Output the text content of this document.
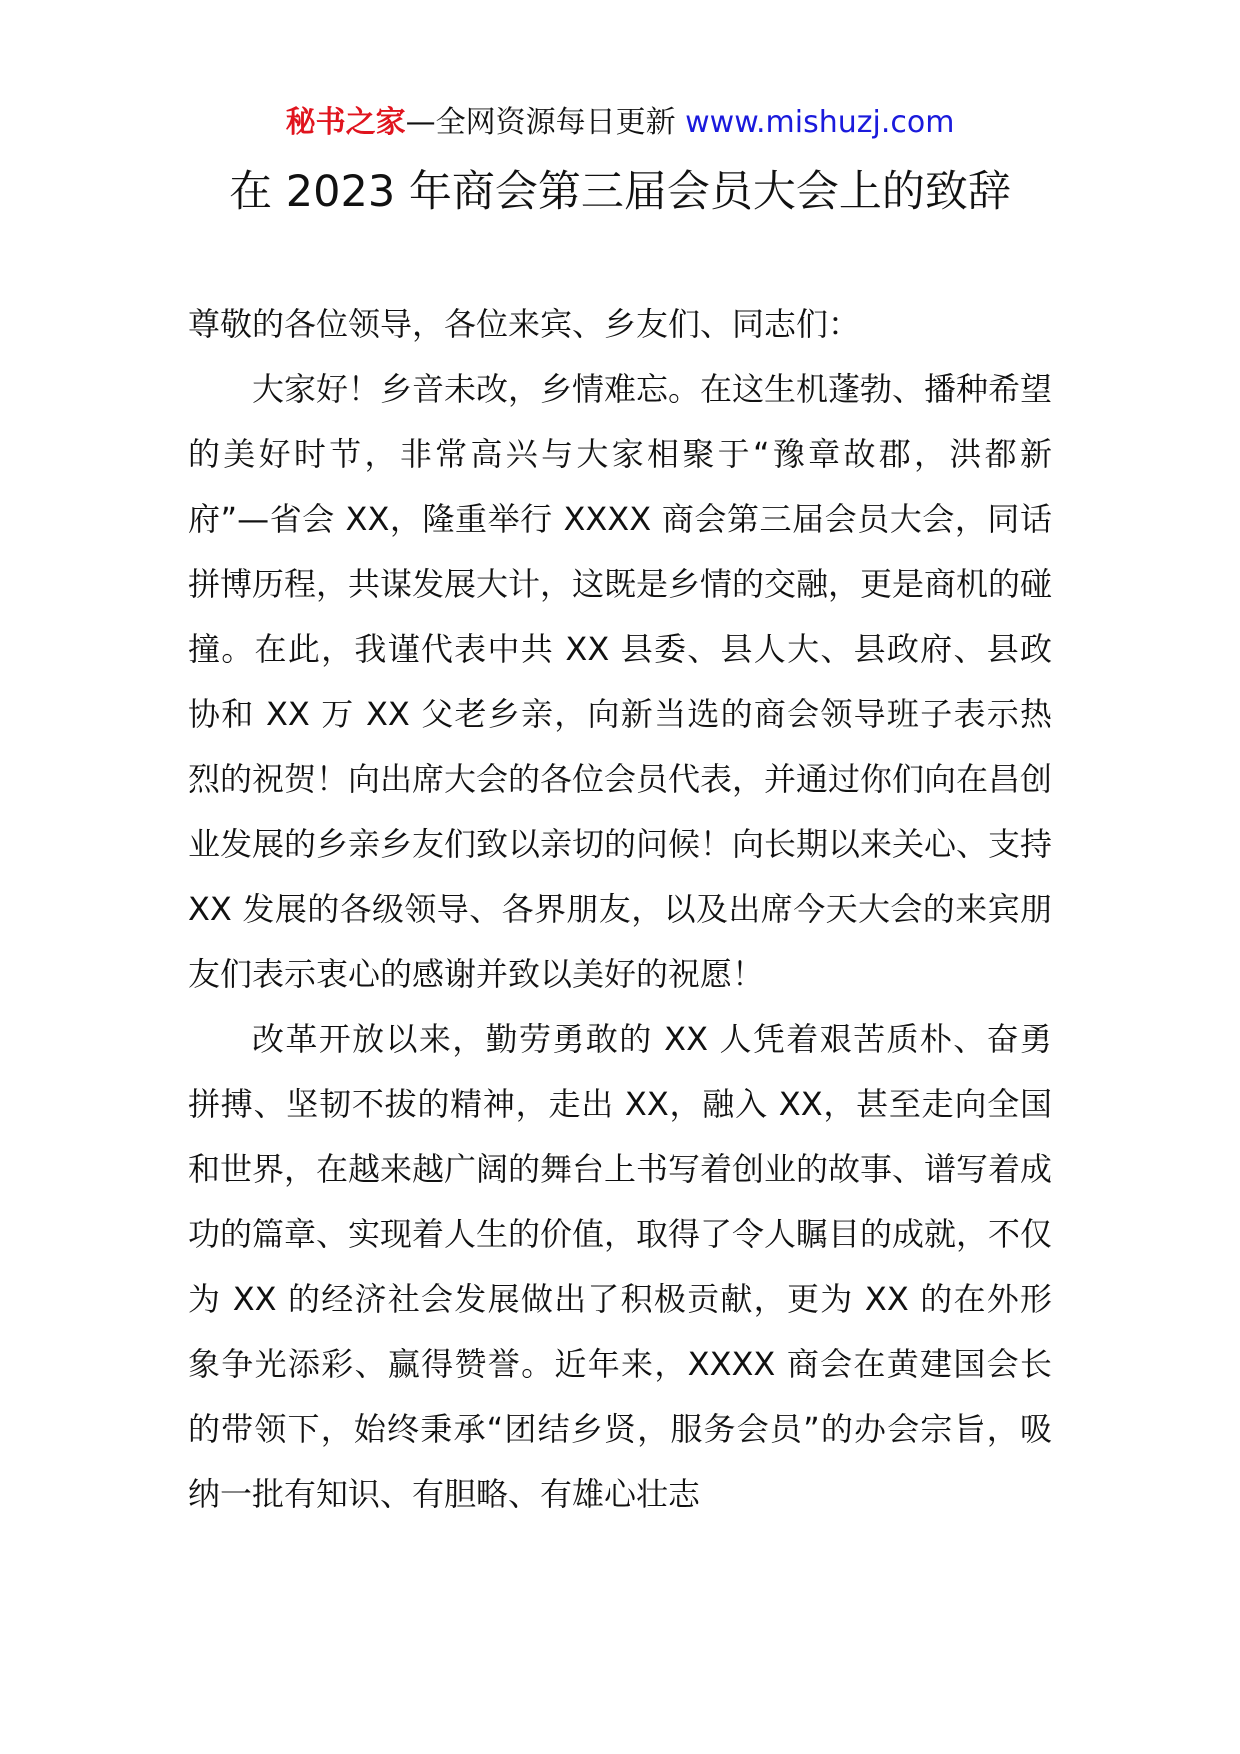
秘书之家—全网资源每日更新 www.mishuzj.com
在 2023 年商会第三届会员大会上的致辞

尊敬的各位领导，各位来宾、乡友们、同志们：

大家好！乡音未改，乡情难忘。在这生机蓬勃、播种希望的美好时节，非常高兴与大家相聚于“豫章故郡，洪都新府”—省会 XX，隆重举行 XXXX 商会第三届会员大会，同话拼博历程，共谋发展大计，这既是乡情的交融，更是商机的碰撞。在此，我谨代表中共 XX 县委、县人大、县政府、县政协和 XX 万 XX 父老乡亲，向新当选的商会领导班子表示热烈的祝贺！向出席大会的各位会员代表，并通过你们向在昌创业发展的乡亲乡友们致以亲切的问候！向长期以来关心、支持 XX 发展的各级领导、各界朋友，以及出席今天大会的来宾朋友们表示衷心的感谢并致以美好的祝愿！

改革开放以来，勤劳勇敢的 XX 人凭着艰苦质朴、奋勇拼搏、坚韧不拔的精神，走出 XX，融入 XX，甚至走向全国和世界，在越来越广阔的舞台上书写着创业的故事、谱写着成功的篇章、实现着人生的价值，取得了令人瞩目的成就，不仅为 XX 的经济社会发展做出了积极贡献，更为 XX 的在外形象争光添彩、赢得赞誉。近年来，XXXX 商会在黄建国会长的带领下，始终秉承“团结乡贤，服务会员”的办会宗旨，吸纳一批有知识、有胆略、有雄心壮志
